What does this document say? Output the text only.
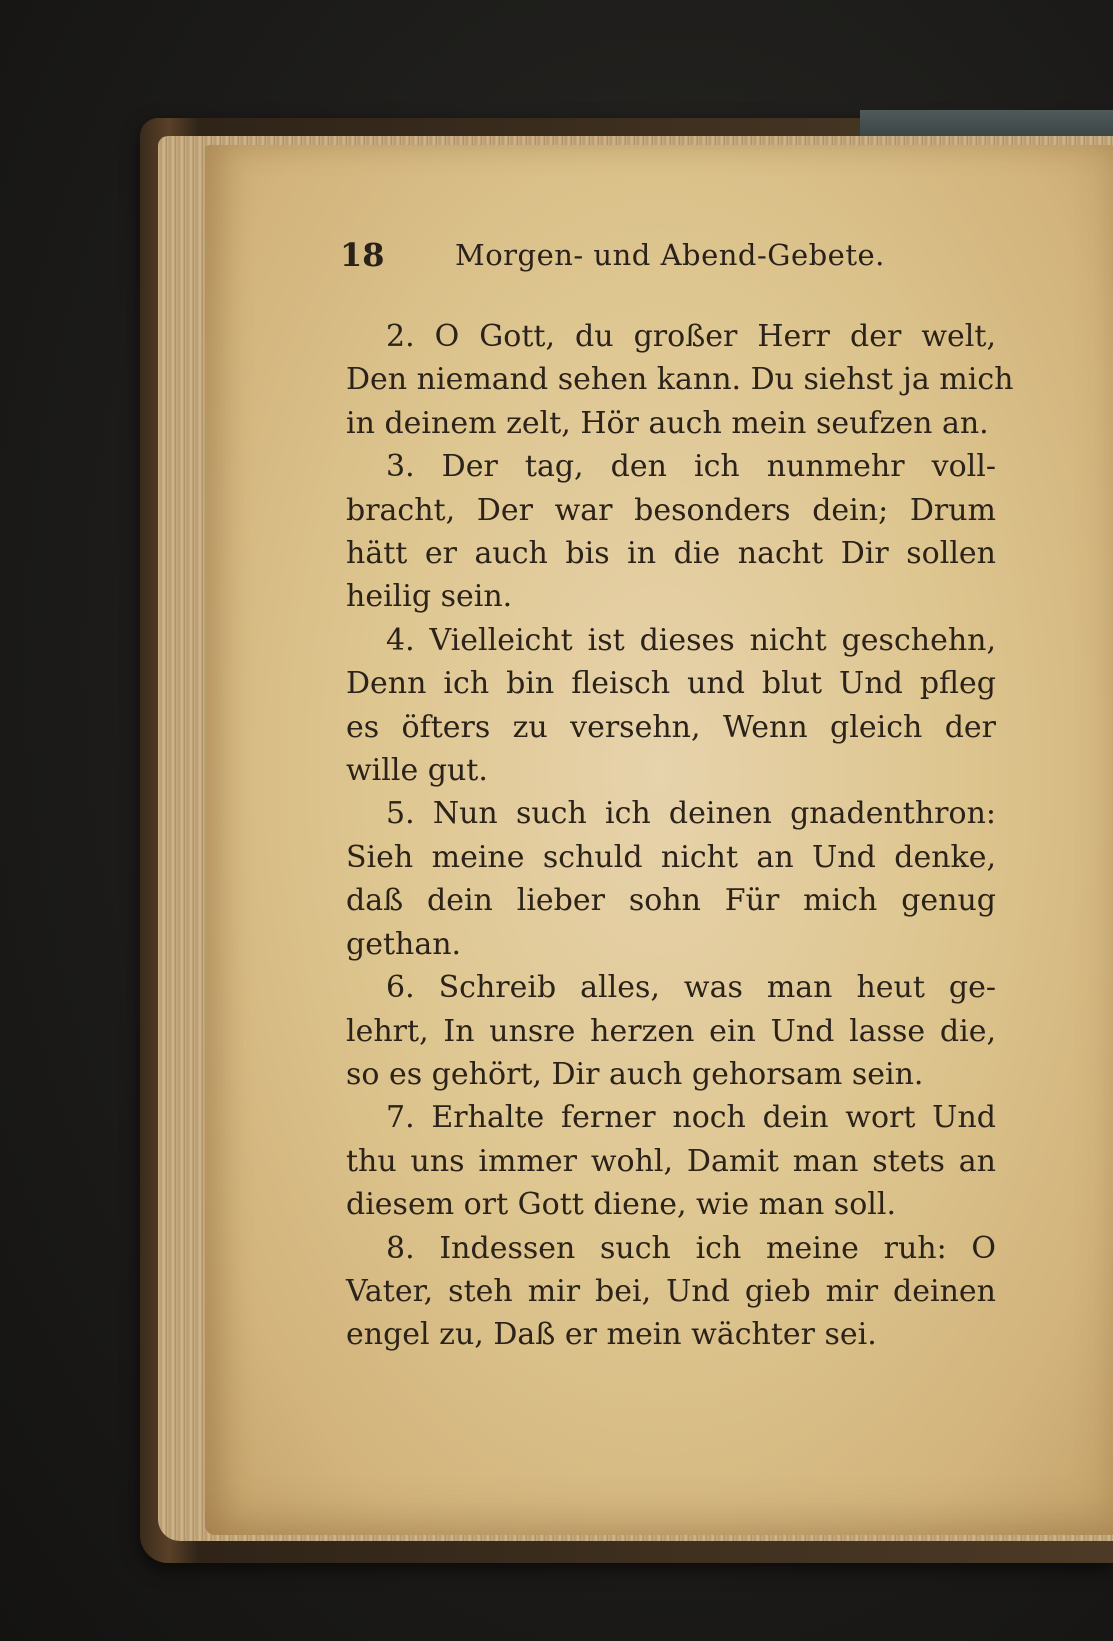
18 Morgen- und Abend-Gebete.
2. O Gott, du großer Herr der welt,
Den niemand sehen kann. Du siehst ja mich
in deinem zelt, Hör auch mein seufzen an.
3. Der tag, den ich nunmehr voll-
bracht, Der war besonders dein; Drum
hätt er auch bis in die nacht Dir sollen
heilig sein.
4. Vielleicht ist dieses nicht geschehn,
Denn ich bin fleisch und blut Und pfleg
es öfters zu versehn, Wenn gleich der
wille gut.
5. Nun such ich deinen gnadenthron:
Sieh meine schuld nicht an Und denke,
daß dein lieber sohn Für mich genug
gethan.
6. Schreib alles, was man heut ge-
lehrt, In unsre herzen ein Und lasse die,
so es gehört, Dir auch gehorsam sein.
7. Erhalte ferner noch dein wort Und
thu uns immer wohl, Damit man stets an
diesem ort Gott diene, wie man soll.
8. Indessen such ich meine ruh: O
Vater, steh mir bei, Und gieb mir deinen
engel zu, Daß er mein wächter sei.
